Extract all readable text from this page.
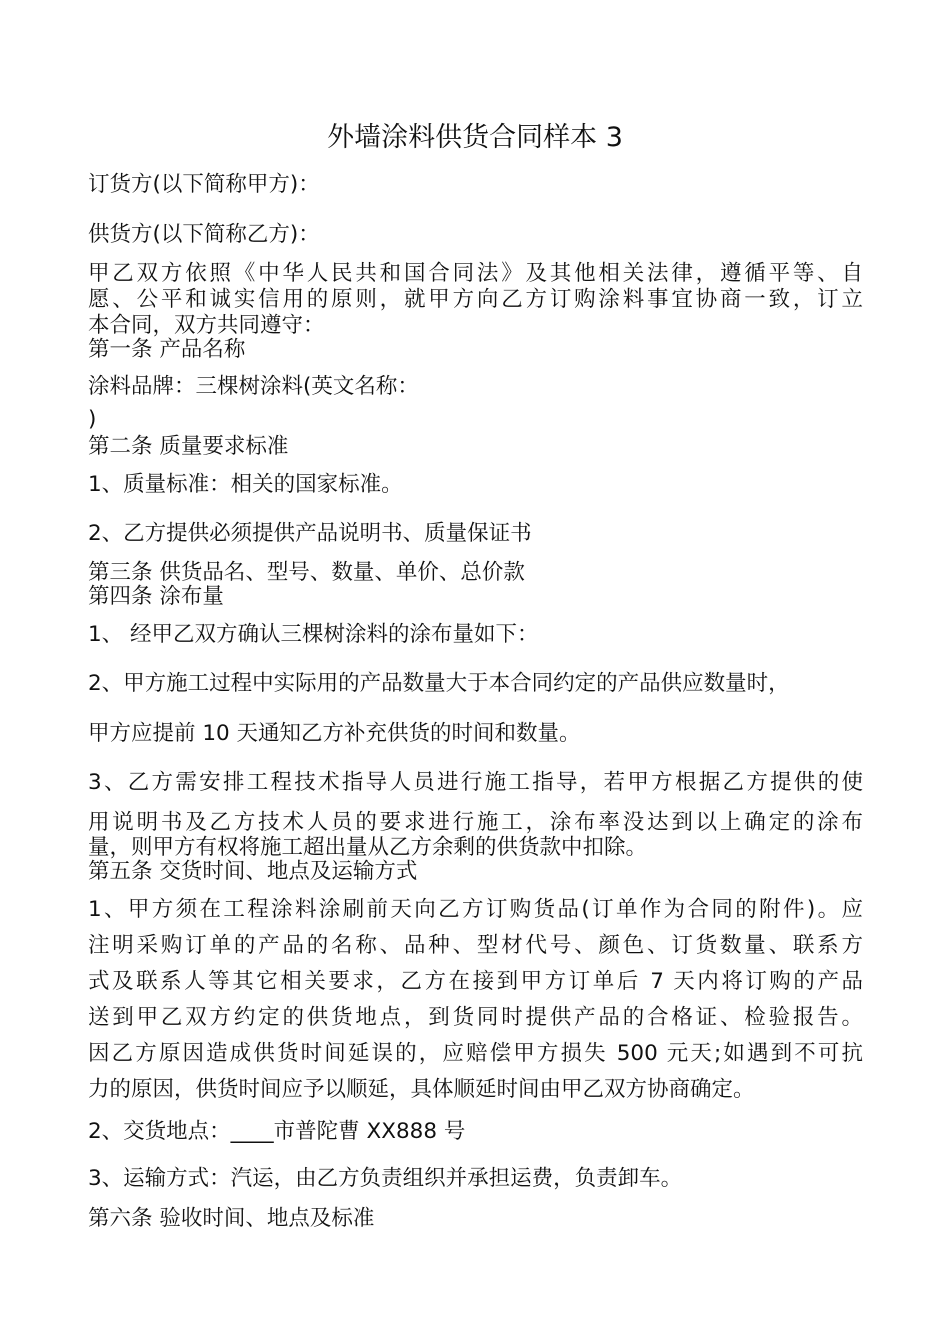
外墙涂料供货合同样本 3
订货方(以下简称甲方)：
供货方(以下简称乙方)：
甲乙双方依照《中华人民共和国合同法》及其他相关法律，遵循平等、自
愿、公平和诚实信用的原则，就甲方向乙方订购涂料事宜协商一致，订立
本合同，双方共同遵守：
第一条 产品名称
涂料品牌：三棵树涂料(英文名称：
)
第二条 质量要求标准
1、质量标准：相关的国家标准。
2、乙方提供必须提供产品说明书、质量保证书
第三条 供货品名、型号、数量、单价、总价款
第四条 涂布量
1、 经甲乙双方确认三棵树涂料的涂布量如下：
2、甲方施工过程中实际用的产品数量大于本合同约定的产品供应数量时，
甲方应提前 10 天通知乙方补充供货的时间和数量。
3、乙方需安排工程技术指导人员进行施工指导，若甲方根据乙方提供的使
用说明书及乙方技术人员的要求进行施工，涂布率没达到以上确定的涂布
量，则甲方有权将施工超出量从乙方余剩的供货款中扣除。
第五条 交货时间、地点及运输方式
1、甲方须在工程涂料涂刷前天向乙方订购货品(订单作为合同的附件)。应
注明采购订单的产品的名称、品种、型材代号、颜色、订货数量、联系方
式及联系人等其它相关要求，乙方在接到甲方订单后 7 天内将订购的产品
送到甲乙双方约定的供货地点，到货同时提供产品的合格证、检验报告。
因乙方原因造成供货时间延误的，应赔偿甲方损失 500 元天;如遇到不可抗
力的原因，供货时间应予以顺延，具体顺延时间由甲乙双方协商确定。
2、交货地点：____市普陀曹 XX888 号
3、运输方式：汽运，由乙方负责组织并承担运费，负责卸车。
第六条 验收时间、地点及标准
